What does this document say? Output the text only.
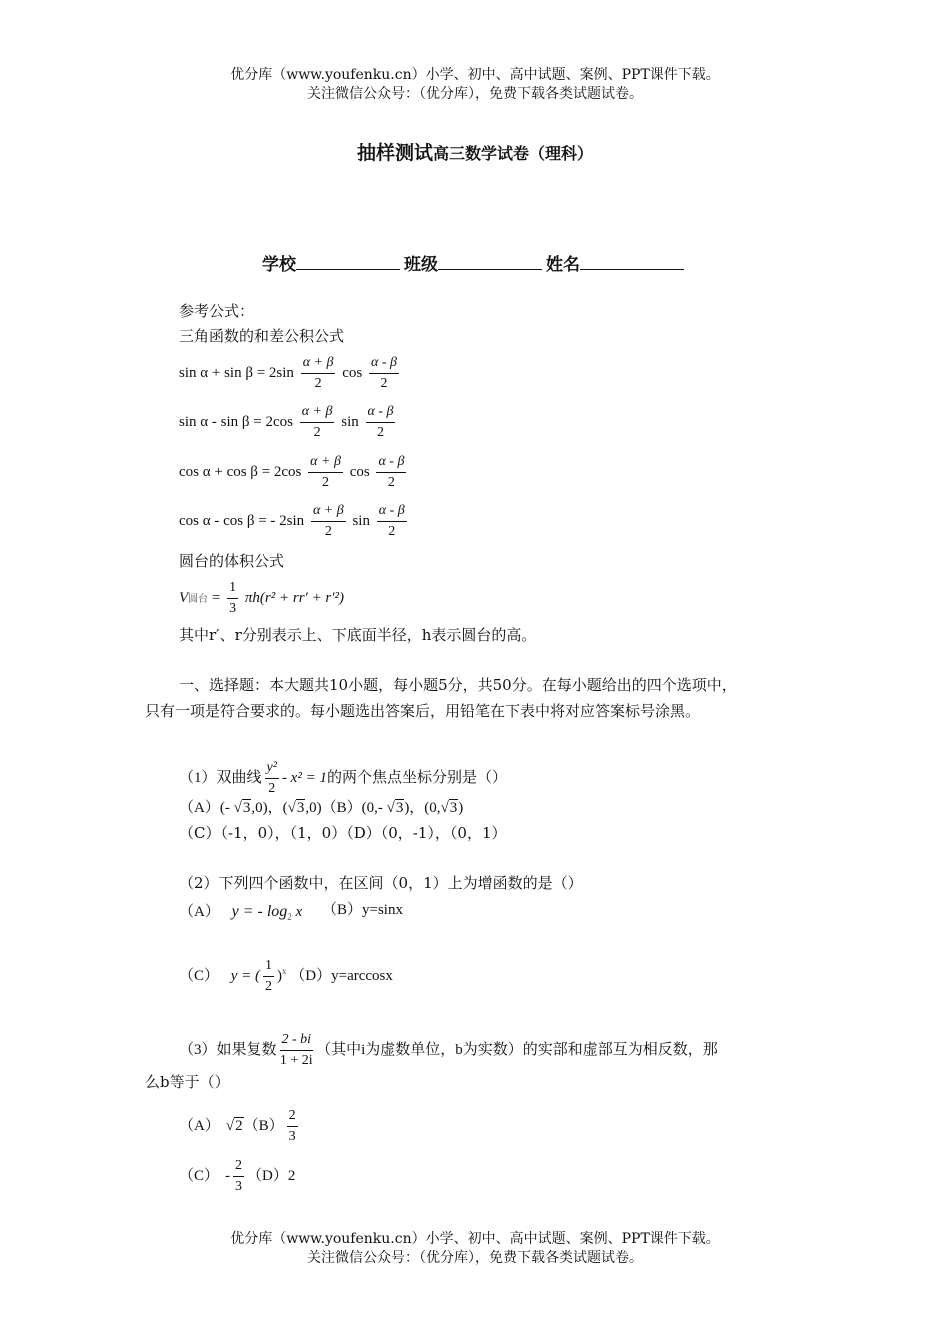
优分库（www.youfenku.cn）小学、初中、高中试题、案例、PPT课件下载。
关注微信公众号：（优分库），免费下载各类试题试卷。
抽样测试高三数学试卷（理科）
学校	班级	姓名
参考公式：
三角函数的和差公积公式
$\sin \alpha + \sin \beta = 2\sin \frac{\alpha + \beta}{2}$ $\cos \frac{\alpha - \beta}{2}$
$\sin \alpha - \sin \beta = 2\cos \frac{\alpha + \beta}{2}$ $\sin \frac{\alpha - \beta}{2}$
$\cos \alpha + \cos \beta = 2\cos \frac{\alpha + \beta}{2}$ $\cos \frac{\alpha - \beta}{2}$
cos α - cos β = - $2\sin \frac{\alpha + \beta}{2}$ $\sin \frac{\alpha - \beta}{2}$
圆台的体积公式
V圆台 = $\frac{1}{3} \pi h(r^2 + rr' + r'^2)$
其中r′、r分别表示上、下底面半径，h表示圆台的高。
一、选择题：本大题共10小题，每小题5分，共50分。在每小题给出的四个选项中，
只有一项是符合要求的。每小题选出答案后，用铅笔在下表中将对应答案标号涂黑。
（1）双曲线 $\frac{\text{y²}}{2} - x^2 = 1$的两个焦点坐标分别是（）
（A）(- √3,0)，(√3,0)（B）(0,- √3)，(0,√3)
（C）（-1，0），（1，0）（D）（0，-1），（0，1）
（2）下列四个函数中，在区间（0，1）上为增函数的是（）
（A） y = - $\log_2 x$ （B）y=sinx
（C） y = ( $\frac{1}{2} )^x$ （D）y=arccosx
（3）如果复数 $\frac{2 - bi}{1 + 2i}$ （其中i为虚数单位，b为实数）的实部和虚部互为相反数，那
么b等于（）
（A） $√2(B) \frac{2}{3}$
$(C) - \frac{2}{3} (D)2$
优分库（www.youfenku.cn）小学、初中、高中试题、案例、PPT课件下载。
关注微信公众号：（优分库），免费下载各类试题试卷。
